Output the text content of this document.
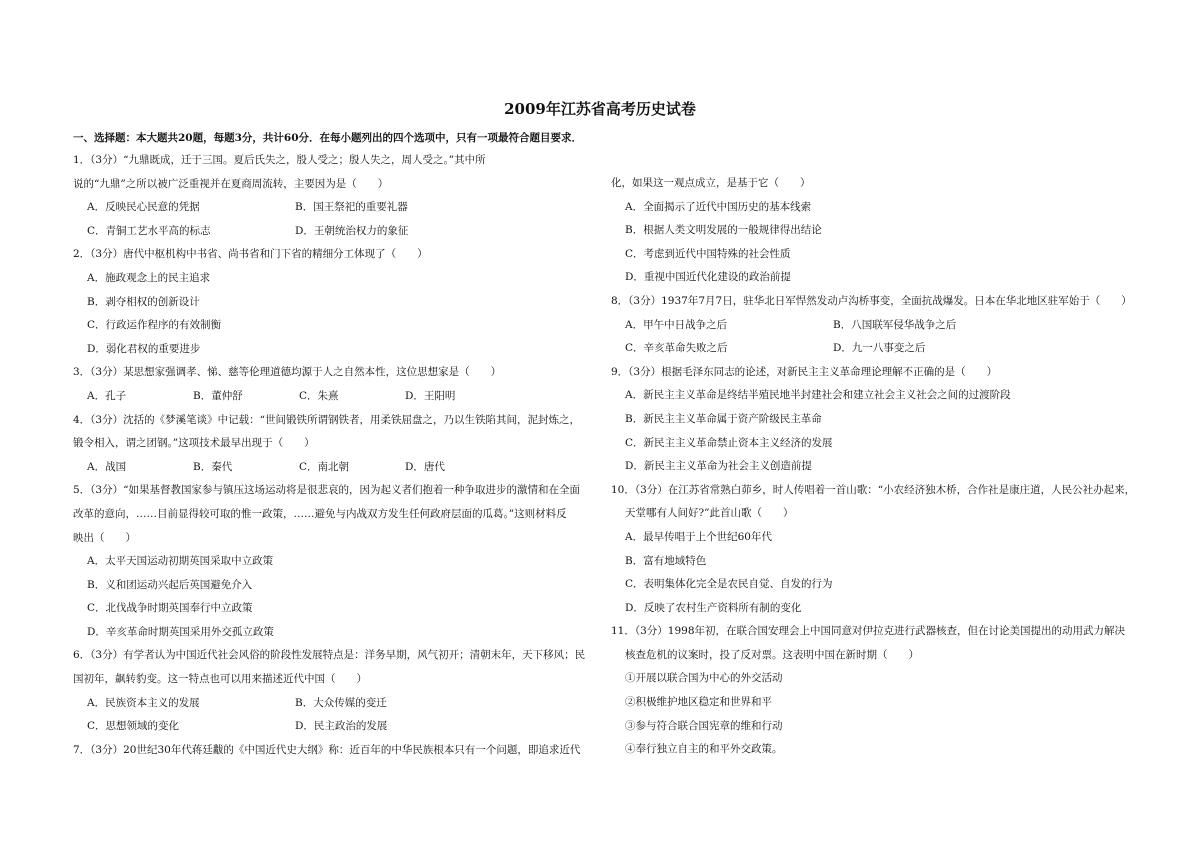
2009年江苏省高考历史试卷
一、选择题：本大题共20题，每题3分，共计60分．在每小题列出的四个选项中，只有一项最符合题目要求．
1．（3分）“九鼎既成，迁于三国。夏后氏失之，殷人受之；殷人失之，周人受之。”其中所
说的“九鼎”之所以被广泛重视并在夏商周流转，主要因为是（　　）
A．反映民心民意的凭据	B．国王祭祀的重要礼器
C．青铜工艺水平高的标志	D．王朝统治权力的象征
2．（3分）唐代中枢机构中书省、尚书省和门下省的精细分工体现了（　　）
A．施政观念上的民主追求
B．剥夺相权的创新设计
C．行政运作程序的有效制衡
D．弱化君权的重要进步
3．（3分）某思想家强调孝、悌、慈等伦理道德均源于人之自然本性，这位思想家是（　　）
A．孔子	B．董仲舒	C．朱熹	D．王阳明
4．（3分）沈括的《梦溪笔谈》中记载：“世间锻铁所谓钢铁者，用柔铁屈盘之，乃以生铁陷其间，泥封炼之，
锻令相入，谓之团钢。”这项技术最早出现于（　　）
A．战国	B．秦代	C．南北朝	D．唐代
5．（3分）“如果基督教国家参与镇压这场运动将是很悲哀的，因为起义者们抱着一种争取进步的激情和在全面
改革的意向，……目前显得较可取的惟一政策，……避免与内战双方发生任何政府层面的瓜葛。”这则材料反
映出（　　）
A．太平天国运动初期英国采取中立政策
B．义和团运动兴起后英国避免介入
C．北伐战争时期英国奉行中立政策
D．辛亥革命时期英国采用外交孤立政策
6．（3分）有学者认为中国近代社会风俗的阶段性发展特点是：洋务早期，风气初开；清朝末年，天下移风；民
国初年，飙转豹变。这一特点也可以用来描述近代中国（　　）
A．民族资本主义的发展	B．大众传媒的变迁
C．思想领域的变化	D．民主政治的发展
7．（3分）20世纪30年代蒋廷黻的《中国近代史大纲》称：近百年的中华民族根本只有一个问题，即追求近代
化，如果这一观点成立，是基于它（　　）
A．全面揭示了近代中国历史的基本线索
B．根据人类文明发展的一般规律得出结论
C．考虑到近代中国特殊的社会性质
D．重视中国近代化建设的政治前提
8．（3分）1937年7月7日，驻华北日军悍然发动卢沟桥事变，全面抗战爆发。日本在华北地区驻军始于（　　）
A．甲午中日战争之后	B．八国联军侵华战争之后
C．辛亥革命失败之后	D．九一八事变之后
9．（3分）根据毛泽东同志的论述，对新民主主义革命理论理解不正确的是（　　）
A．新民主主义革命是终结半殖民地半封建社会和建立社会主义社会之间的过渡阶段
B．新民主主义革命属于资产阶级民主革命
C．新民主主义革命禁止资本主义经济的发展
D．新民主主义革命为社会主义创造前提
10．（3分）在江苏省常熟白茆乡，时人传唱着一首山歌：“小农经济独木桥，合作社是康庄道，人民公社办起来，
天堂哪有人间好?”此首山歌（　　）
A．最早传唱于上个世纪60年代
B．富有地域特色
C．表明集体化完全是农民自觉、自发的行为
D．反映了农村生产资料所有制的变化
11．（3分）1998年初，在联合国安理会上中国同意对伊拉克进行武器核查，但在讨论美国提出的动用武力解决
核查危机的议案时，投了反对票。这表明中国在新时期（　　）
①开展以联合国为中心的外交活动
②积极维护地区稳定和世界和平
③参与符合联合国宪章的维和行动
④奉行独立自主的和平外交政策。
